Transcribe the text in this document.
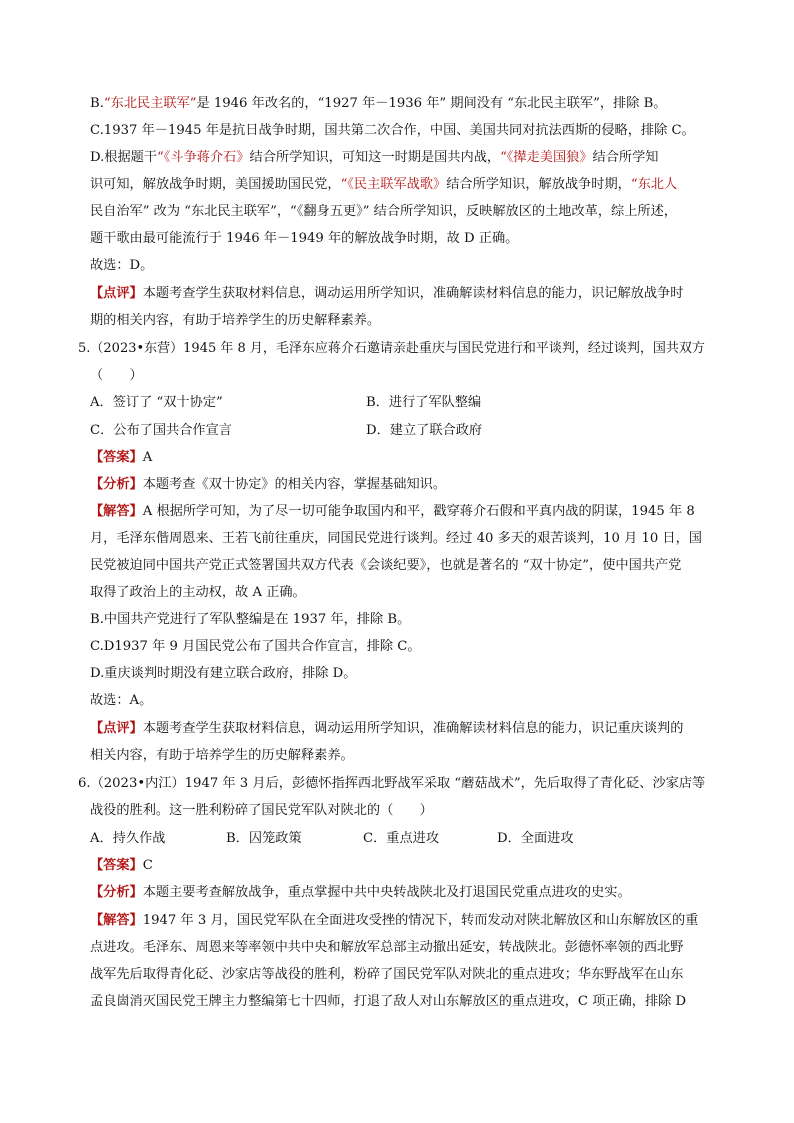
B.“东北民主联军”是 1946 年改名的，“1927 年－1936 年” 期间没有 “东北民主联军”，排除 B。
C.1937 年－1945 年是抗日战争时期，国共第二次合作，中国、美国共同对抗法西斯的侵略，排除 C。
D.根据题干“《斗争蒋介石》结合所学知识，可知这一时期是国共内战，“《撵走美国狼》结合所学知
识可知，解放战争时期，美国援助国民党，“《民主联军战歌》结合所学知识，解放战争时期，“东北人
民自治军” 改为 “东北民主联军”，“《翻身五更》” 结合所学知识，反映解放区的土地改革，综上所述，
题干歌由最可能流行于 1946 年－1949 年的解放战争时期，故 D 正确。
故选：D。
【点评】本题考查学生获取材料信息，调动运用所学知识，准确解读材料信息的能力，识记解放战争时
期的相关内容，有助于培养学生的历史解释素养。
5.（2023•东营）1945 年 8 月，毛泽东应蒋介石邀请亲赴重庆与国民党进行和平谈判，经过谈判，国共双方
（　　）
A．签订了 “双十协定”	B．进行了军队整编
C．公布了国共合作宣言	D．建立了联合政府
【答案】A
【分析】本题考查《双十协定》的相关内容，掌握基础知识。
【解答】A 根据所学可知，为了尽一切可能争取国内和平，戳穿蒋介石假和平真内战的阴谋，1945 年 8
月，毛泽东偕周恩来、王若飞前往重庆，同国民党进行谈判。经过 40 多天的艰苦谈判，10 月 10 日，国
民党被迫同中国共产党正式签署国共双方代表《会谈纪要》，也就是著名的 “双十协定”，使中国共产党
取得了政治上的主动权，故 A 正确。
B.中国共产党进行了军队整编是在 1937 年，排除 B。
C.D1937 年 9 月国民党公布了国共合作宣言，排除 C。
D.重庆谈判时期没有建立联合政府，排除 D。
故选：A。
【点评】本题考查学生获取材料信息，调动运用所学知识，准确解读材料信息的能力，识记重庆谈判的
相关内容，有助于培养学生的历史解释素养。
6.（2023•内江）1947 年 3 月后，彭德怀指挥西北野战军采取 “蘑菇战术”，先后取得了青化砭、沙家店等
战役的胜利。这一胜利粉碎了国民党军队对陕北的（　　）
A．持久作战	B．囚笼政策	C．重点进攻	D．全面进攻
【答案】C
【分析】本题主要考查解放战争，重点掌握中共中央转战陕北及打退国民党重点进攻的史实。
【解答】1947 年 3 月，国民党军队在全面进攻受挫的情况下，转而发动对陕北解放区和山东解放区的重
点进攻。毛泽东、周恩来等率领中共中央和解放军总部主动撤出延安，转战陕北。彭德怀率领的西北野
战军先后取得青化砭、沙家店等战役的胜利，粉碎了国民党军队对陕北的重点进攻；华东野战军在山东
孟良崮消灭国民党王牌主力整编第七十四师，打退了敌人对山东解放区的重点进攻，C 项正确，排除 D
